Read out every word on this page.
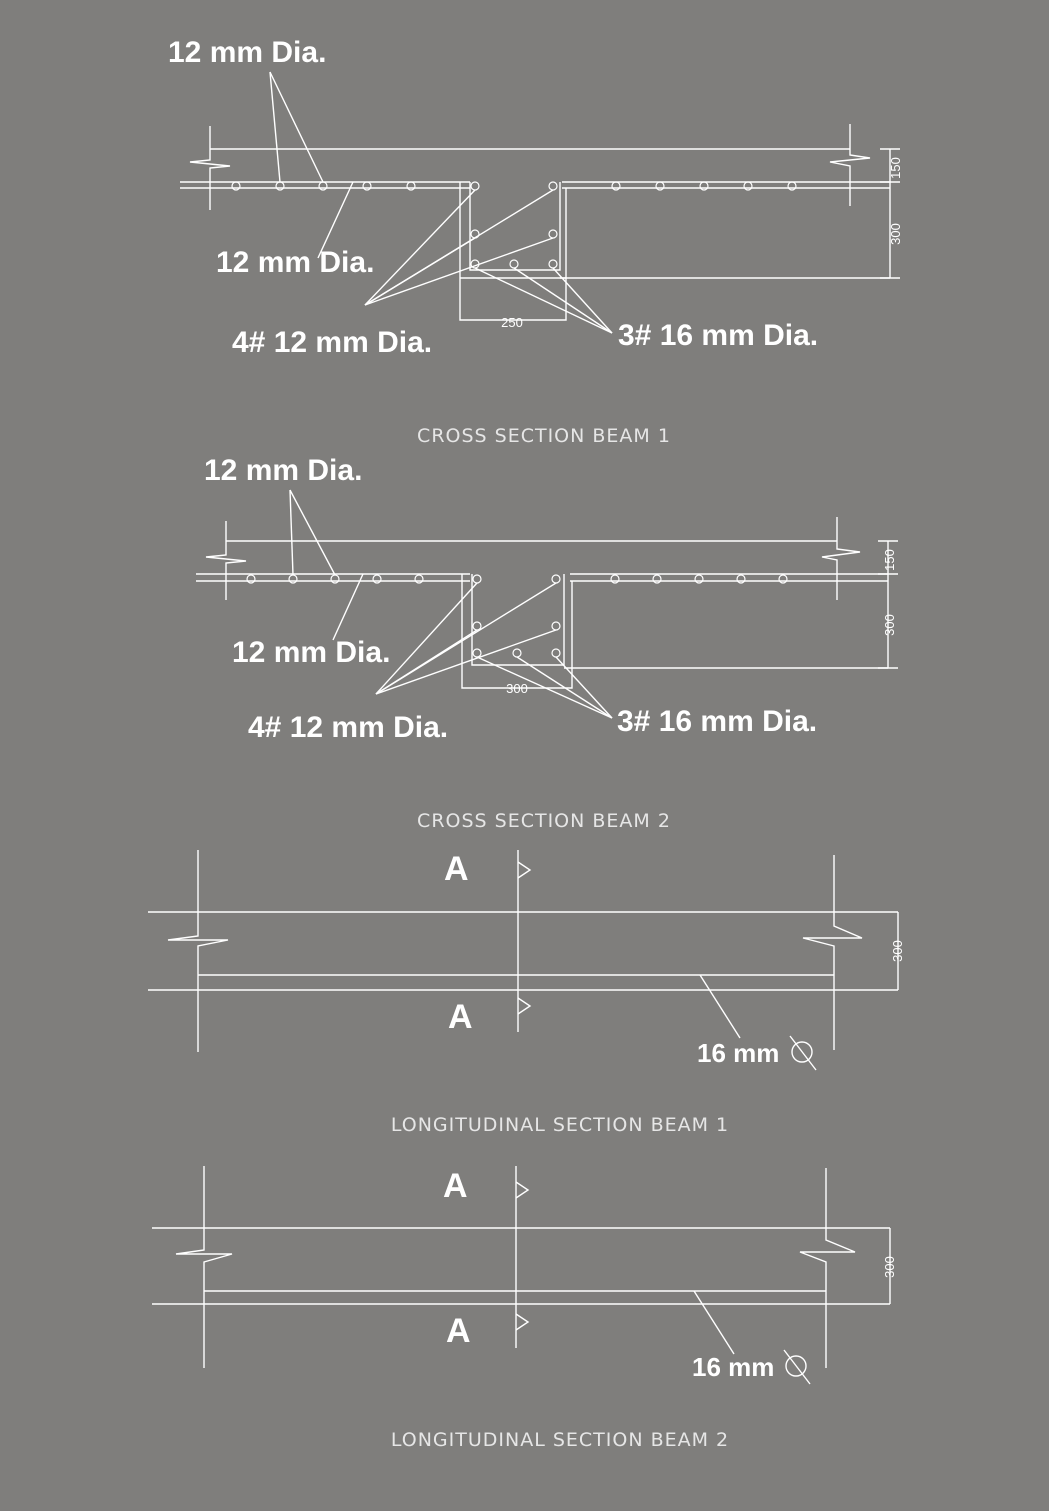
150
300
250
12 mm Dia.
12 mm Dia.
4# 12 mm Dia.	3# 16 mm Dia.
CROSS SECTION BEAM 1
150
300
300
12 mm Dia.
12 mm Dia.
4# 12 mm Dia.	3# 16 mm Dia.
CROSS SECTION BEAM 2
300
A
A
16 mm
LONGITUDINAL SECTION BEAM 1
300
A
A
16 mm
LONGITUDINAL SECTION BEAM 2
